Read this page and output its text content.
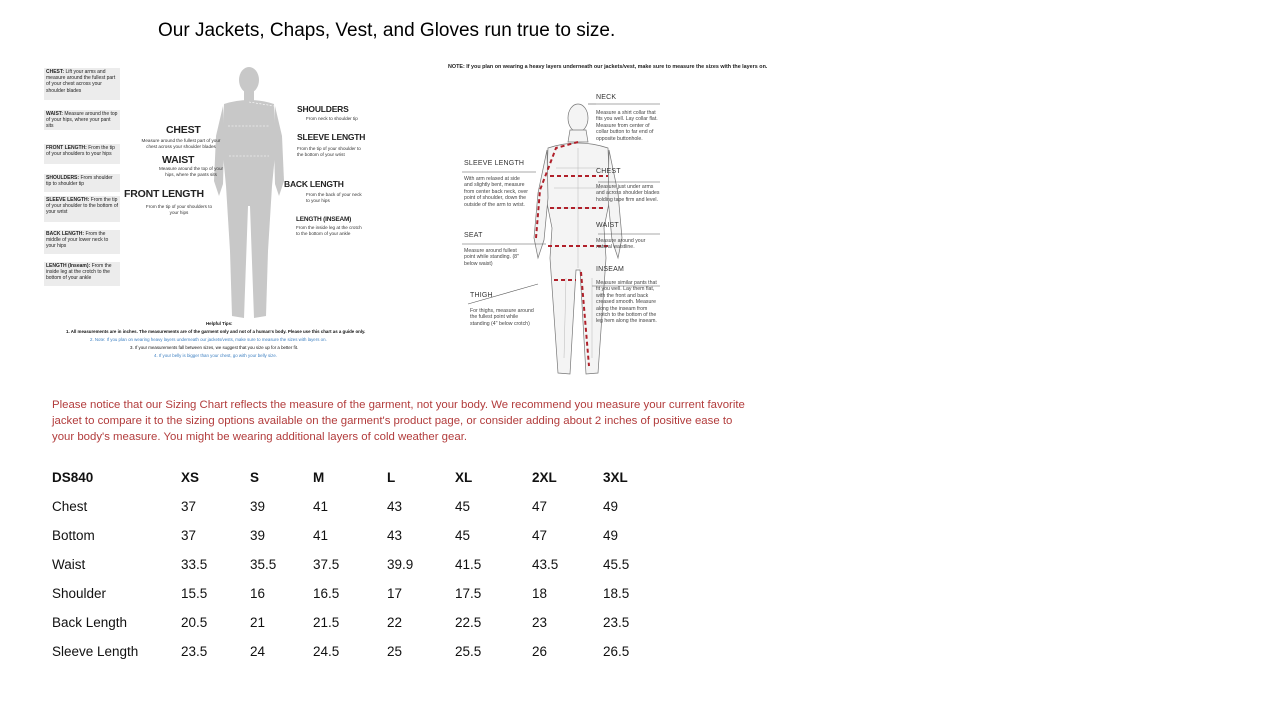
Our Jackets, Chaps, Vest, and Gloves run true to size.
CHEST: Lift your arms and measure around the fullest part of your chest across your shoulder blades
WAIST: Measure around the top of your hips, where your pant sits
FRONT LENGTH: From the tip of your shoulders to your hips
SHOULDERS: From shoulder tip to shoulder tip
SLEEVE LENGTH: From the tip of your shoulder to the bottom of your wrist
BACK LENGTH: From the middle of your lower neck to your hips
LENGTH (Inseam): From the inside leg at the crotch to the bottom of your ankle
CHEST
Measure around the fullest part of your chest across your shoulder blades
WAIST
Measure around the top of your hips, where the pants sits
FRONT LENGTH
From the tip of your shoulders to your hips
SHOULDERS
From neck to shoulder tip
SLEEVE LENGTH
From the tip of your shoulder to the bottom of your wrist
BACK LENGTH
From the back of your neck to your hips
LENGTH (INSEAM)
From the inside leg at the crotch to the bottom of your ankle
Helpful Tips:
1. All measurements are in inches. The measurements are of the garment only and not of a human's body. Please use this chart as a guide only.
2. Note: If you plan on wearing heavy layers underneath our jackets/vests, make sure to measure the sizes with layers on.
3. If your measurements fall between sizes, we suggest that you size up for a better fit.
4. If your belly is bigger than your chest, go with your belly size.
NOTE: If you plan on wearing a heavy layers underneath our jackets/vest, make sure to measure the sizes with the layers on.
NECK
Measure a shirt collar that fits you well. Lay collar flat. Measure from center of collar button to far end of opposite buttonhole.
CHEST
Measure just under arms and across shoulder blades holding tape firm and level.
WAIST
Measure around your natural waistline.
INSEAM
Measure similar pants that fit you well. Lay them flat, with the front and back creased smooth. Measure along the inseam from crotch to the bottom of the leg hem along the inseam.
SLEEVE LENGTH
With arm relaxed at side and slightly bent, measure from center back neck, over point of shoulder, down the outside of the arm to wrist.
SEAT
Measure around fullest point while standing. (8" below waist)
THIGH
For thighs, measure around the fullest point while standing (4" below crotch)
Please notice that our Sizing Chart reflects the measure of the garment, not your body. We recommend you measure your current favorite jacket to compare it to the sizing options available on the garment's product page, or consider adding about 2 inches of positive ease to your body's measure. You might be wearing additional layers of cold weather gear.
DS840	XS	S	M	L	XL	2XL	3XL
Chest	37	39	41	43	45	47	49
Bottom	37	39	41	43	45	47	49
Waist	33.5	35.5	37.5	39.9	41.5	43.5	45.5
Shoulder	15.5	16	16.5	17	17.5	18	18.5
Back Length	20.5	21	21.5	22	22.5	23	23.5
Sleeve Length	23.5	24	24.5	25	25.5	26	26.5
